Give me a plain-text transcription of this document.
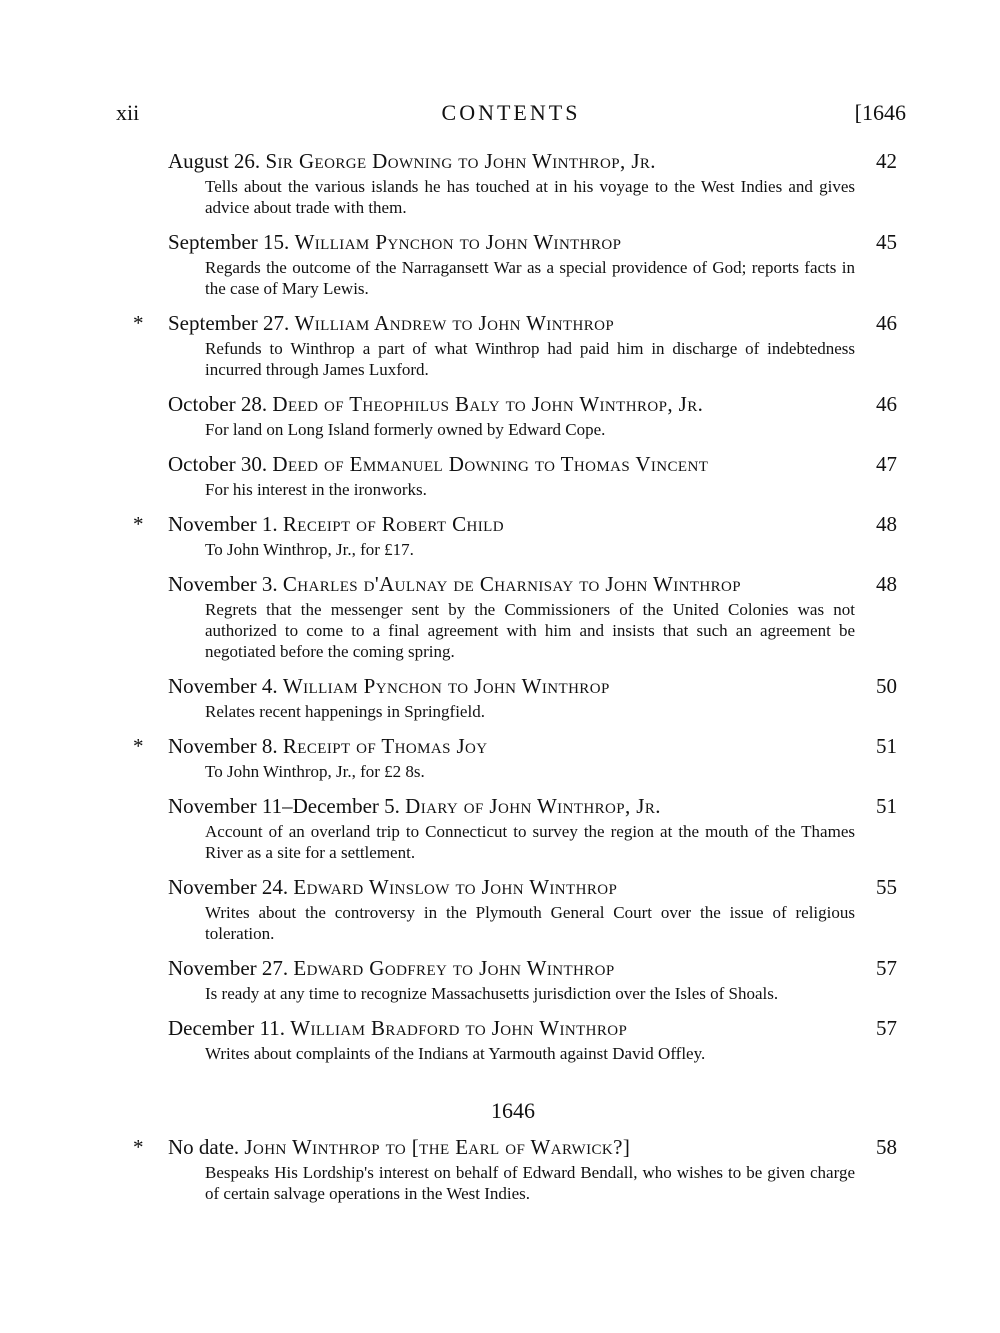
xii	CONTENTS	[1646
August 26. Sir George Downing to John Winthrop, Jr.	42
Tells about the various islands he has touched at in his voyage to the West Indies and gives advice about trade with them.
September 15. William Pynchon to John Winthrop	45
Regards the outcome of the Narragansett War as a special providence of God; reports facts in the case of Mary Lewis.
* September 27. William Andrew to John Winthrop	46
Refunds to Winthrop a part of what Winthrop had paid him in discharge of indebtedness incurred through James Luxford.
October 28. Deed of Theophilus Baly to John Winthrop, Jr.	46
For land on Long Island formerly owned by Edward Cope.
October 30. Deed of Emmanuel Downing to Thomas Vincent	47
For his interest in the ironworks.
* November 1. Receipt of Robert Child	48
To John Winthrop, Jr., for £17.
November 3. Charles d'Aulnay de Charnisay to John Winthrop	48
Regrets that the messenger sent by the Commissioners of the United Colonies was not authorized to come to a final agreement with him and insists that such an agreement be negotiated before the coming spring.
November 4. William Pynchon to John Winthrop	50
Relates recent happenings in Springfield.
* November 8. Receipt of Thomas Joy	51
To John Winthrop, Jr., for £2 8s.
November 11–December 5. Diary of John Winthrop, Jr.	51
Account of an overland trip to Connecticut to survey the region at the mouth of the Thames River as a site for a settlement.
November 24. Edward Winslow to John Winthrop	55
Writes about the controversy in the Plymouth General Court over the issue of religious toleration.
November 27. Edward Godfrey to John Winthrop	57
Is ready at any time to recognize Massachusetts jurisdiction over the Isles of Shoals.
December 11. William Bradford to John Winthrop	57
Writes about complaints of the Indians at Yarmouth against David Offley.
1646
* No date. John Winthrop to [the Earl of Warwick?]	58
Bespeaks His Lordship's interest on behalf of Edward Bendall, who wishes to be given charge of certain salvage operations in the West Indies.
